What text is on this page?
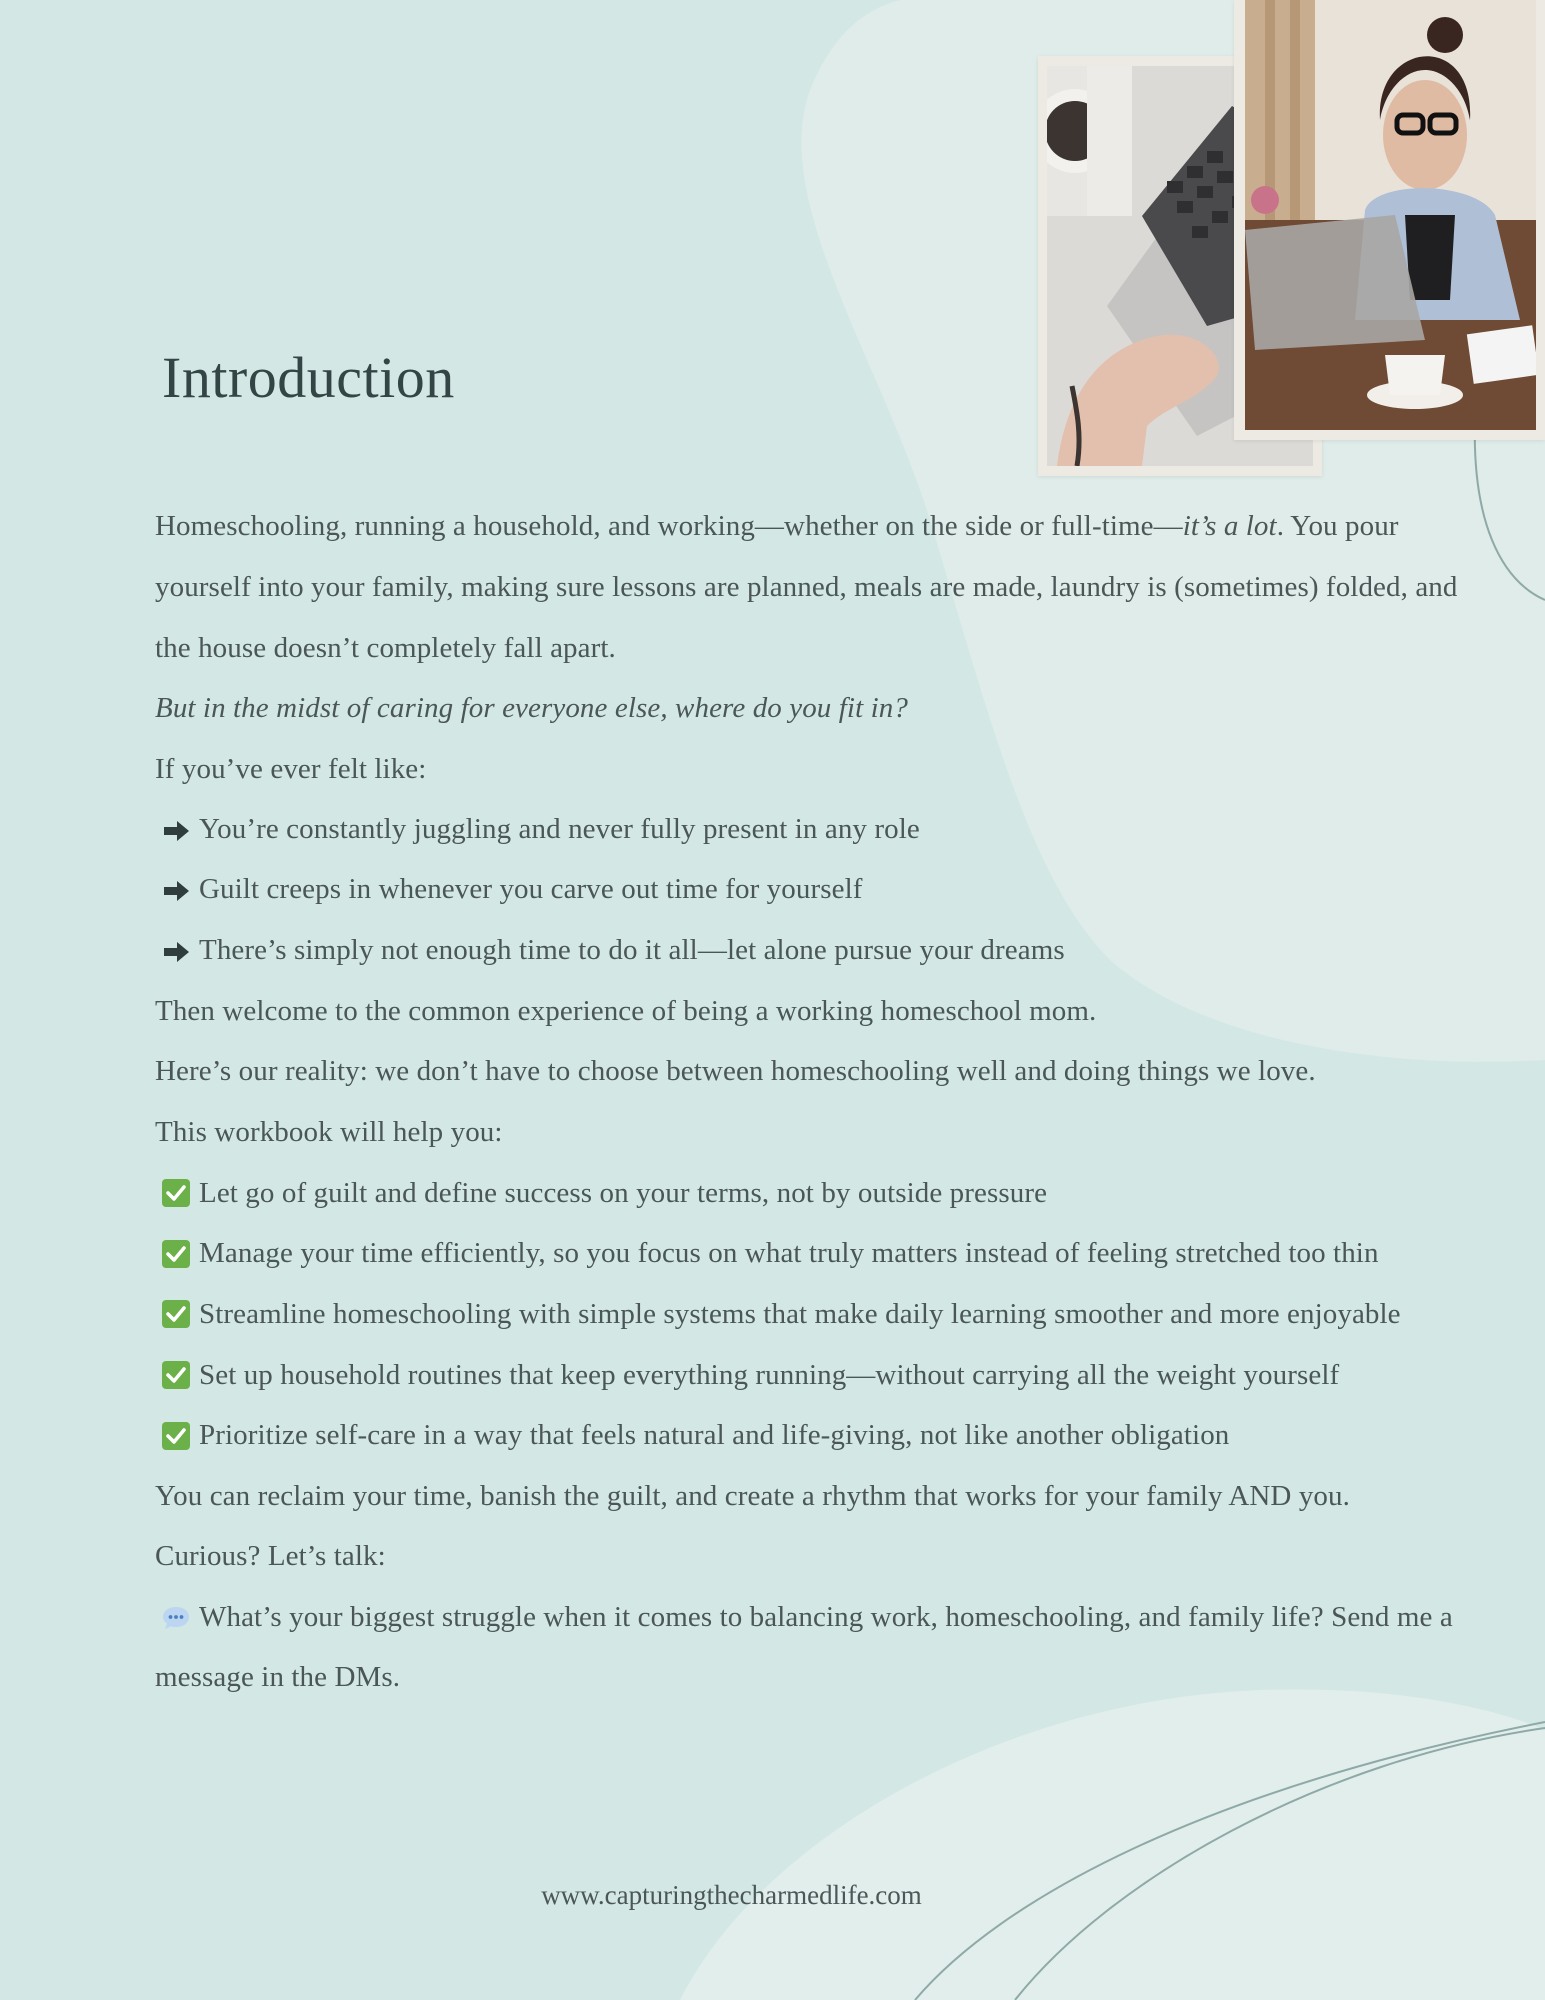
Introduction
Homeschooling, running a household, and working—whether on the side or full-time—it’s a lot. You pour
yourself into your family, making sure lessons are planned, meals are made, laundry is (sometimes) folded, and
the house doesn’t completely fall apart.
But in the midst of caring for everyone else, where do you fit in?
If you’ve ever felt like:
You’re constantly juggling and never fully present in any role
Guilt creeps in whenever you carve out time for yourself
There’s simply not enough time to do it all—let alone pursue your dreams
Then welcome to the common experience of being a working homeschool mom.
Here’s our reality: we don’t have to choose between homeschooling well and doing things we love.
This workbook will help you:
Let go of guilt and define success on your terms, not by outside pressure
Manage your time efficiently, so you focus on what truly matters instead of feeling stretched too thin
Streamline homeschooling with simple systems that make daily learning smoother and more enjoyable
Set up household routines that keep everything running—without carrying all the weight yourself
Prioritize self-care in a way that feels natural and life-giving, not like another obligation
You can reclaim your time, banish the guilt, and create a rhythm that works for your family AND you.
Curious? Let’s talk:
What’s your biggest struggle when it comes to balancing work, homeschooling, and family life? Send me a
message in the DMs.
www.capturingthecharmedlife.com
